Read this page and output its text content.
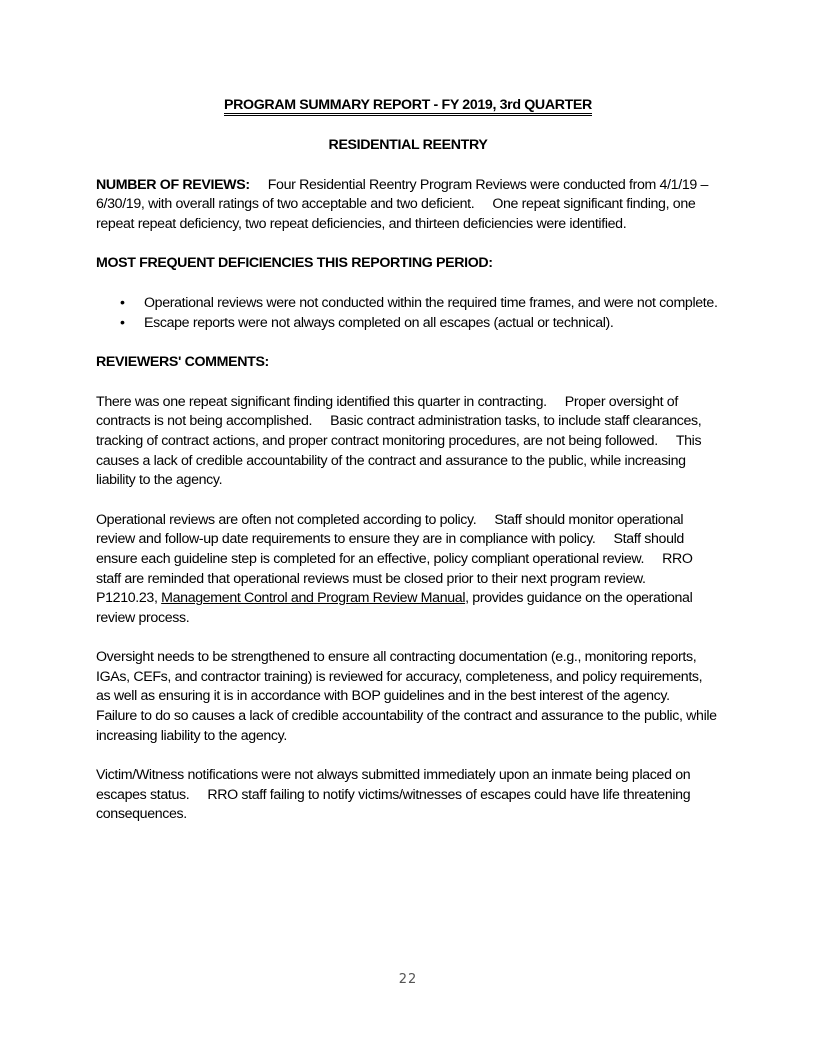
PROGRAM SUMMARY REPORT - FY 2019, 3rd QUARTER

RESIDENTIAL REENTRY

NUMBER OF REVIEWS: Four Residential Reentry Program Reviews were conducted from 4/1/19 – 6/30/19, with overall ratings of two acceptable and two deficient. One repeat significant finding, one repeat repeat deficiency, two repeat deficiencies, and thirteen deficiencies were identified.

MOST FREQUENT DEFICIENCIES THIS REPORTING PERIOD:

• Operational reviews were not conducted within the required time frames, and were not complete.
• Escape reports were not always completed on all escapes (actual or technical).

REVIEWERS' COMMENTS:

There was one repeat significant finding identified this quarter in contracting. Proper oversight of contracts is not being accomplished. Basic contract administration tasks, to include staff clearances, tracking of contract actions, and proper contract monitoring procedures, are not being followed. This causes a lack of credible accountability of the contract and assurance to the public, while increasing liability to the agency.

Operational reviews are often not completed according to policy. Staff should monitor operational review and follow-up date requirements to ensure they are in compliance with policy. Staff should ensure each guideline step is completed for an effective, policy compliant operational review. RRO staff are reminded that operational reviews must be closed prior to their next program review.P1210.23, Management Control and Program Review Manual, provides guidance on the operational review process.

Oversight needs to be strengthened to ensure all contracting documentation (e.g., monitoring reports, IGAs, CEFs, and contractor training) is reviewed for accuracy, completeness, and policy requirements, as well as ensuring it is in accordance with BOP guidelines and in the best interest of the agency.Failure to do so causes a lack of credible accountability of the contract and assurance to the public, while increasing liability to the agency.

Victim/Witness notifications were not always submitted immediately upon an inmate being placed on escapes status. RRO staff failing to notify victims/witnesses of escapes could have life threatening consequences.

22
